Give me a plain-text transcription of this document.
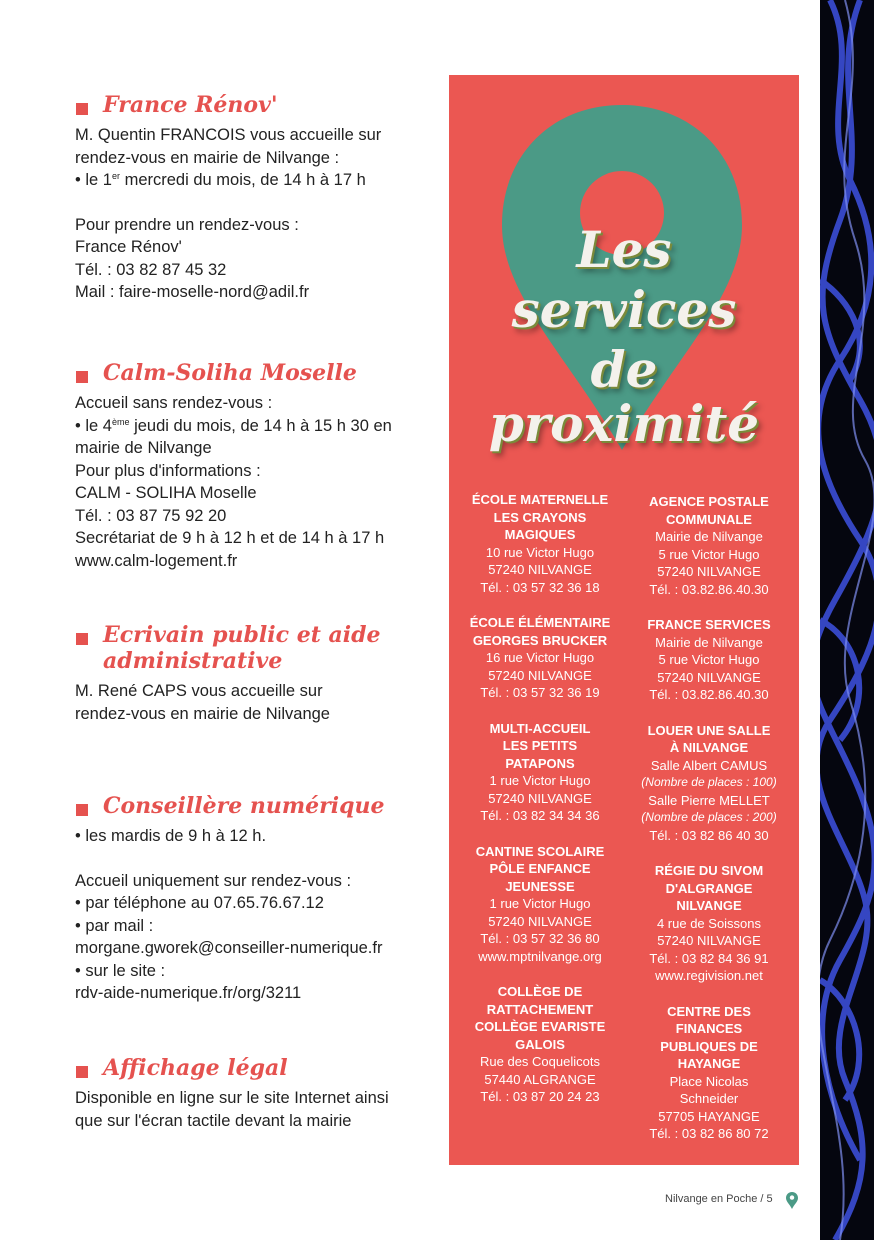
France Rénov'
M. Quentin FRANCOIS vous accueille sur
rendez-vous en mairie de Nilvange :
• le 1er mercredi du mois, de 14 h à 17 h
Pour prendre un rendez-vous :
France Rénov'
Tél. : 03 82 87 45 32
Mail : faire-moselle-nord@adil.fr
Calm-Soliha Moselle
Accueil sans rendez-vous :
• le 4ème jeudi du mois, de 14 h à 15 h 30 en
mairie de Nilvange
Pour plus d'informations :
CALM - SOLIHA Moselle
Tél. : 03 87 75 92 20
Secrétariat de 9 h à 12 h et de 14 h à 17 h
www.calm-logement.fr
Ecrivain public et aide
administrative
M. René CAPS vous accueille sur
rendez-vous en mairie de Nilvange
Conseillère numérique
• les mardis de 9 h à 12 h.
Accueil uniquement sur rendez-vous :
• par téléphone au 07.65.76.67.12
• par mail :
morgane.gworek@conseiller-numerique.fr
• sur le site :
rdv-aide-numerique.fr/org/3211
Affichage légal
Disponible en ligne sur le site Internet ainsi
que sur l'écran tactile devant la mairie
Les
services
de proximité
ÉCOLE MATERNELLE
LES CRAYONS
MAGIQUES
10 rue Victor Hugo
57240 NILVANGE
Tél. : 03 57 32 36 18
ÉCOLE ÉLÉMENTAIRE
GEORGES BRUCKER
16 rue Victor Hugo
57240 NILVANGE
Tél. : 03 57 32 36 19
MULTI-ACCUEIL
LES PETITS
PATAPONS
1 rue Victor Hugo
57240 NILVANGE
Tél. : 03 82 34 34 36
CANTINE SCOLAIRE
PÔLE ENFANCE
JEUNESSE
1 rue Victor Hugo
57240 NILVANGE
Tél. : 03 57 32 36 80
www.mptnilvange.org
COLLÈGE DE
RATTACHEMENT
COLLÈGE EVARISTE
GALOIS
Rue des Coquelicots
57440 ALGRANGE
Tél. : 03 87 20 24 23
AGENCE POSTALE
COMMUNALE
Mairie de Nilvange
5 rue Victor Hugo
57240 NILVANGE
Tél. : 03.82.86.40.30
FRANCE SERVICES
Mairie de Nilvange
5 rue Victor Hugo
57240 NILVANGE
Tél. : 03.82.86.40.30
LOUER UNE SALLE
À NILVANGE
Salle Albert CAMUS
(Nombre de places : 100)
Salle Pierre MELLET
(Nombre de places : 200)
Tél. : 03 82 86 40 30
RÉGIE DU SIVOM
D'ALGRANGE
NILVANGE
4 rue de Soissons
57240 NILVANGE
Tél. : 03 82 84 36 91
www.regivision.net
CENTRE DES
FINANCES
PUBLIQUES DE
HAYANGE
Place Nicolas
Schneider
57705 HAYANGE
Tél. : 03 82 86 80 72
Nilvange en Poche / 5
